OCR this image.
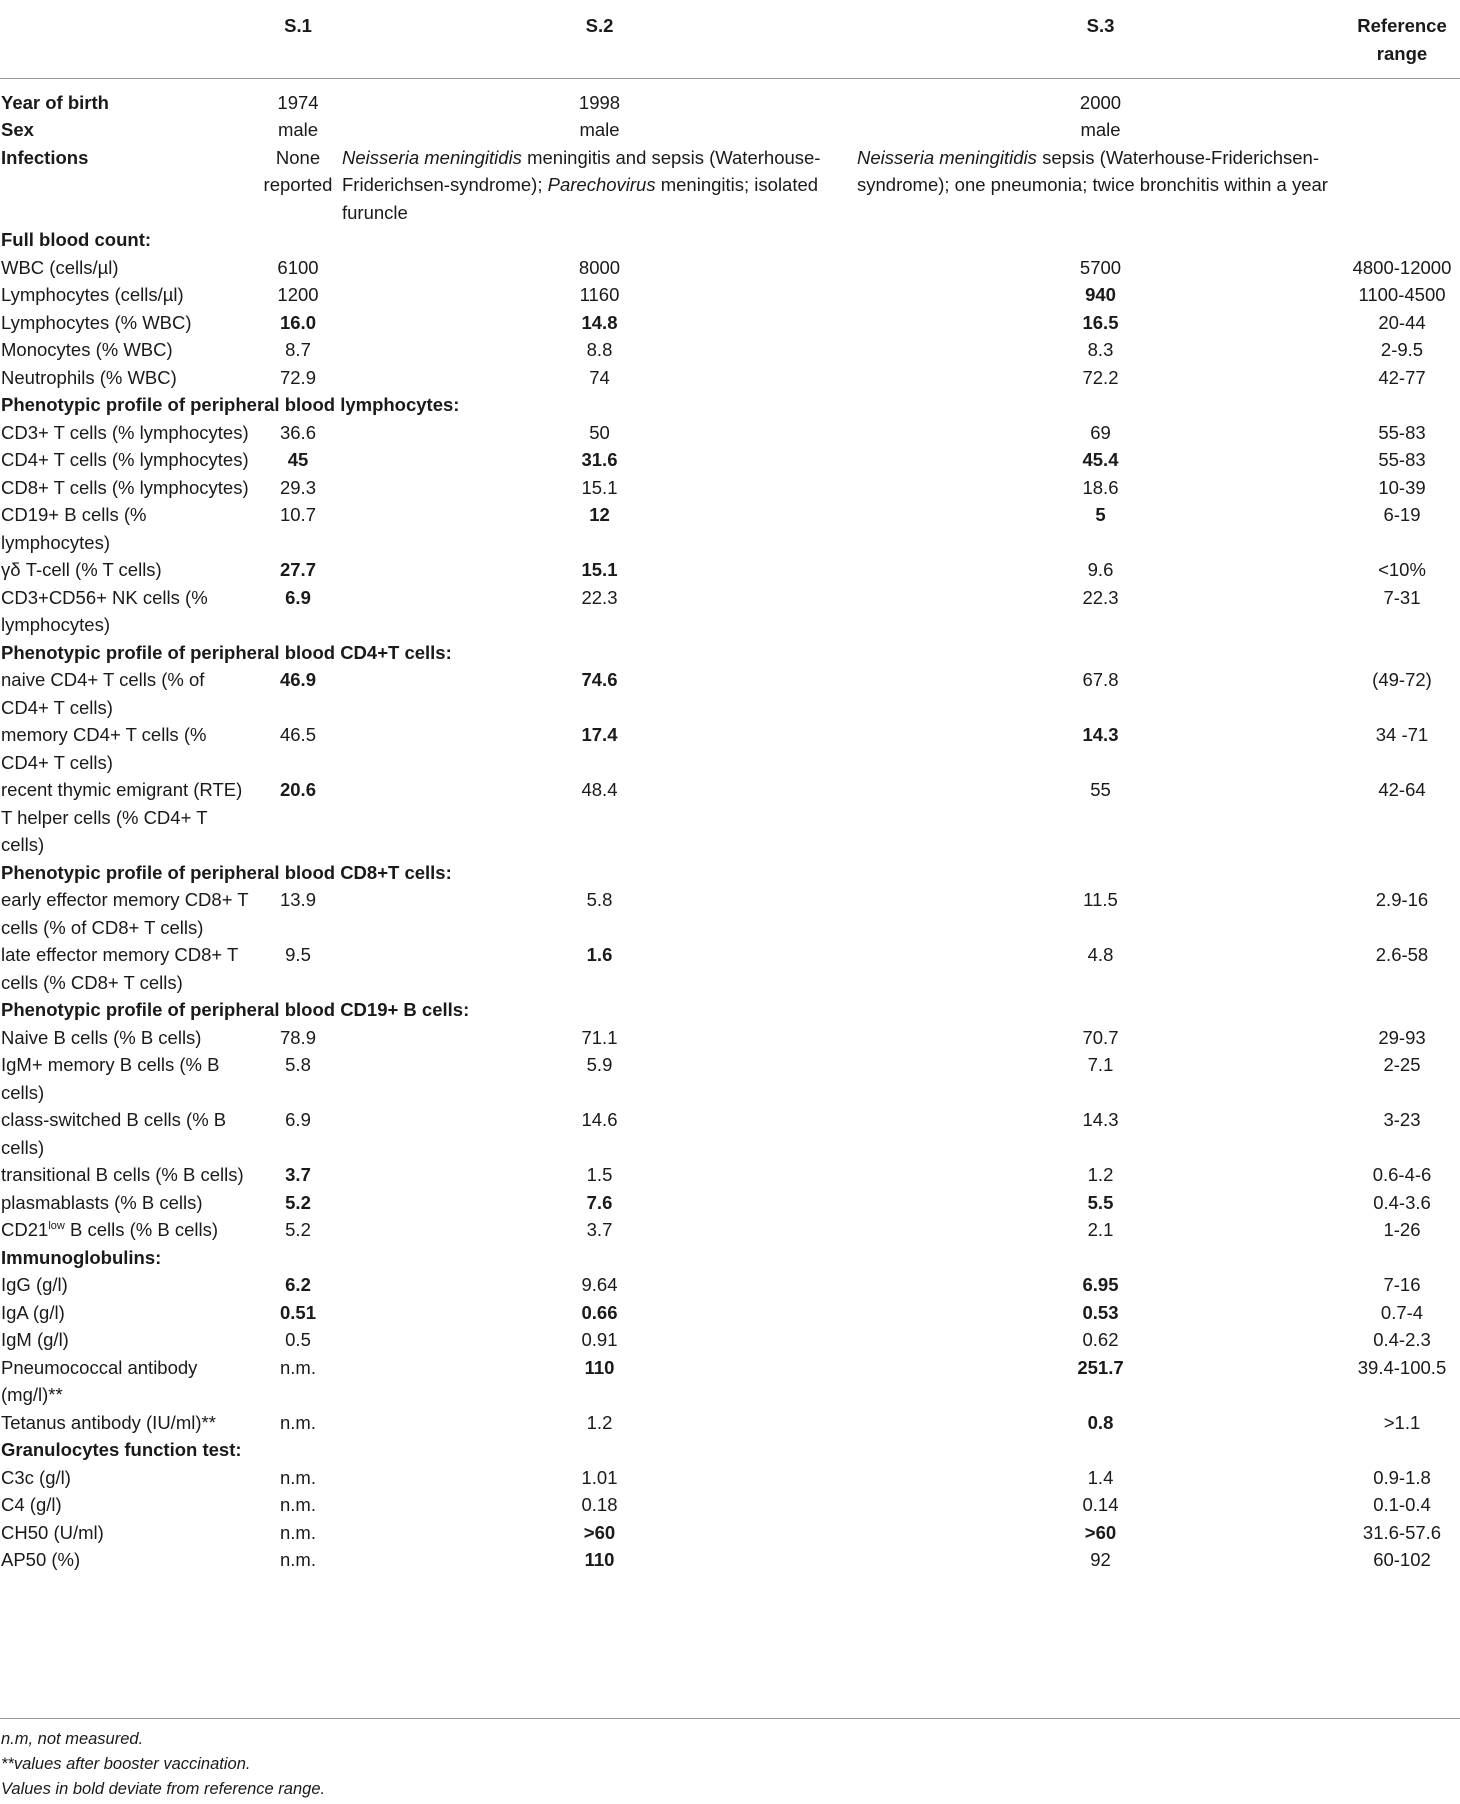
	S.1	S.2	S.3	Reference range

Year of birth	1974	1998	2000	
Sex	male	male	male	
Infections	None reported	Neisseria meningitidis meningitis and sepsis (Waterhouse-Friderichsen-syndrome); Parechovirus meningitis; isolated furuncle	Neisseria meningitidis sepsis (Waterhouse-Friderichsen-syndrome); one pneumonia; twice bronchitis within a year	
Full blood count:				
WBC (cells/µl)	6100	8000	5700	4800-12000
Lymphocytes (cells/µl)	1200	1160	940	1100-4500
Lymphocytes (% WBC)	16.0	14.8	16.5	20-44
Monocytes (% WBC)	8.7	8.8	8.3	2-9.5
Neutrophils (% WBC)	72.9	74	72.2	42-77
Phenotypic profile of peripheral blood lymphocytes:				
CD3+ T cells (% lymphocytes)	36.6	50	69	55-83
CD4+ T cells (% lymphocytes)	45	31.6	45.4	55-83
CD8+ T cells (% lymphocytes)	29.3	15.1	18.6	10-39
CD19+ B cells (% lymphocytes)	10.7	12	5	6-19
γδ T-cell (% T cells)	27.7	15.1	9.6	<10%
CD3+CD56+ NK cells (% lymphocytes)	6.9	22.3	22.3	7-31
Phenotypic profile of peripheral blood CD4+T cells:				
naive CD4+ T cells (% of CD4+ T cells)	46.9	74.6	67.8	(49-72)
memory CD4+ T cells (% CD4+ T cells)	46.5	17.4	14.3	34 -71
recent thymic emigrant (RTE) T helper cells (% CD4+ T cells)	20.6	48.4	55	42-64
Phenotypic profile of peripheral blood CD8+T cells:				
early effector memory CD8+ T cells (% of CD8+ T cells)	13.9	5.8	11.5	2.9-16
late effector memory CD8+ T cells (% CD8+ T cells)	9.5	1.6	4.8	2.6-58
Phenotypic profile of peripheral blood CD19+ B cells:				
Naive B cells (% B cells)	78.9	71.1	70.7	29-93
IgM+ memory B cells (% B cells)	5.8	5.9	7.1	2-25
class-switched B cells (% B cells)	6.9	14.6	14.3	3-23
transitional B cells (% B cells)	3.7	1.5	1.2	0.6-4-6
plasmablasts (% B cells)	5.2	7.6	5.5	0.4-3.6
$CD21^{low}$ B cells (% B cells)	5.2	3.7	2.1	1-26
Immunoglobulins:				
IgG (g/l)	6.2	9.64	6.95	7-16
IgA (g/l)	0.51	0.66	0.53	0.7-4
IgM (g/l)	0.5	0.91	0.62	0.4-2.3
Pneumococcal antibody (mg/l)**	n.m.	110	251.7	39.4-100.5
Tetanus antibody (IU/ml)**	n.m.	1.2	0.8	>1.1
Granulocytes function test:				
C3c (g/l)	n.m.	1.01	1.4	0.9-1.8
C4 (g/l)	n.m.	0.18	0.14	0.1-0.4
CH50 (U/ml)	n.m.	>60	>60	31.6-57.6
AP50 (%)	n.m.	110	92	60-102
n.m, not measured.
**values after booster vaccination.
Values in bold deviate from reference range.
